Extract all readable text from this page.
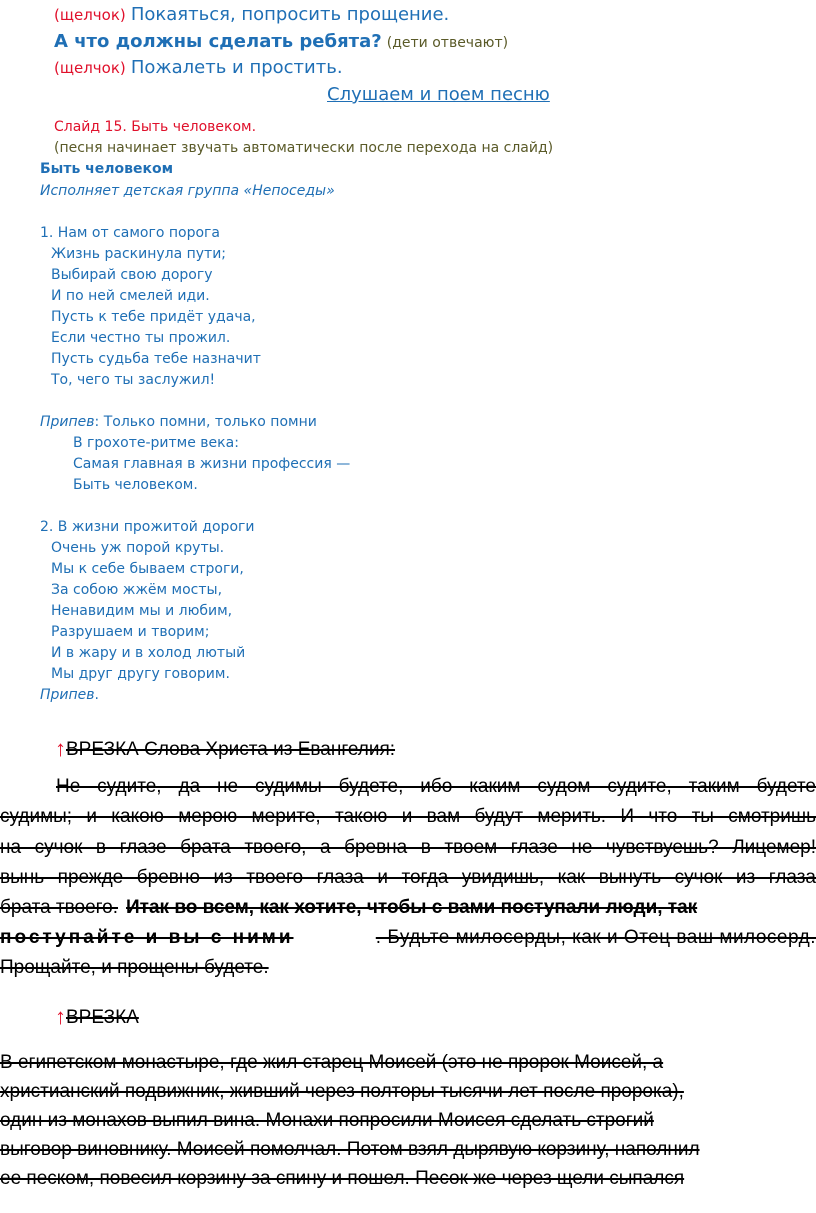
(щелчок) Покаяться, попросить прощение.
А что должны сделать ребята? (дети отвечают)
(щелчок) Пожалеть и простить.
Слушаем и поем песню
Слайд 15. Быть человеком.
(песня начинает звучать автоматически после перехода на слайд)
Быть человеком
Исполняет детская группа «Непоседы»
1. Нам от самого порога
Жизнь раскинула пути;
Выбирай свою дорогу
И по ней смелей иди.
Пусть к тебе придёт удача,
Если честно ты прожил.
Пусть судьба тебе назначит
То, чего ты заслужил!
Припев: Только помни, только помни
В грохоте-ритме века:
Самая главная в жизни профессия —
Быть человеком.
2. В жизни прожитой дороги
Очень уж порой круты.
Мы к себе бываем строги,
За собою жжём мосты,
Ненавидим мы и любим,
Разрушаем и творим;
И в жару и в холод лютый
Мы друг другу говорим.
Припев.
↑ВРЕЗКА Слова Христа из Евангелия:
Не судите, да не судимы будете, ибо каким судом судите, таким будете
судимы; и какою мерою мерите, такою и вам будут мерить. И что ты смотришь
на сучок в глазе брата твоего, а бревна в твоем глазе не чувствуешь? Лицемер!
вынь прежде бревно из твоего глаза и тогда увидишь, как вынуть сучок из глаза
брата твоего. Итак во всем, как хотите, чтобы с вами поступали люди, так
поступайте и вы с ними	. Будьте милосерды, как и Отец ваш милосерд.
Прощайте, и прощены будете.
↑ВРЕЗКА
В египетском монастыре, где жил старец Моисей (это не пророк Моисей, а
христианский подвижник, живший через полторы тысячи лет после пророка),
один из монахов выпил вина. Монахи попросили Моисея сделать строгий
выговор виновнику. Моисей помолчал. Потом взял дырявую корзину, наполнил
ее песком, повесил корзину за спину и пошел. Песок же через щели сыпался
